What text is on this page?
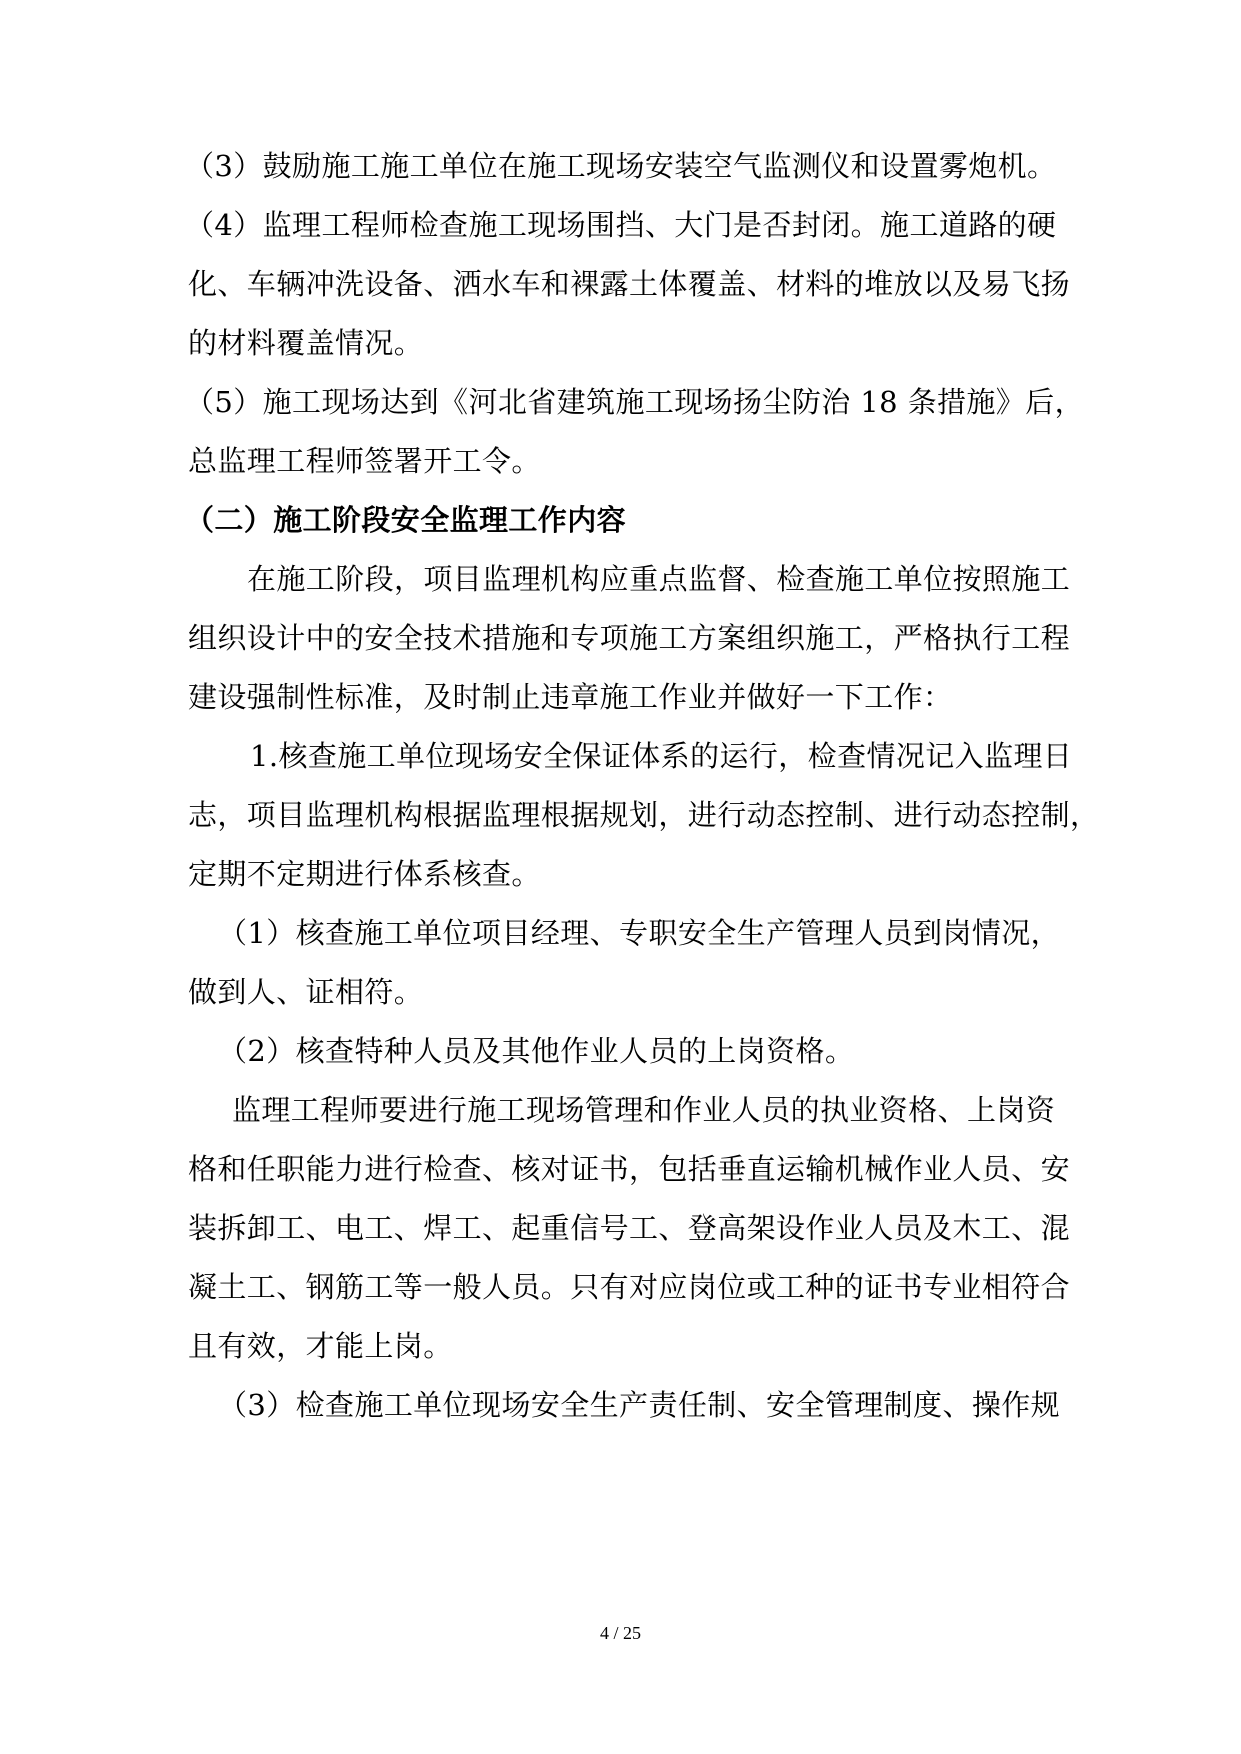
（3）鼓励施工施工单位在施工现场安装空气监测仪和设置雾炮机。
（4）监理工程师检查施工现场围挡、大门是否封闭。施工道路的硬
化、车辆冲洗设备、洒水车和裸露土体覆盖、材料的堆放以及易飞扬
的材料覆盖情况。
（5）施工现场达到《河北省建筑施工现场扬尘防治 18 条措施》后，
总监理工程师签署开工令。
（二）施工阶段安全监理工作内容
在施工阶段，项目监理机构应重点监督、检查施工单位按照施工
组织设计中的安全技术措施和专项施工方案组织施工，严格执行工程
建设强制性标准，及时制止违章施工作业并做好一下工作：
1.核查施工单位现场安全保证体系的运行，检查情况记入监理日
志，项目监理机构根据监理根据规划，进行动态控制、进行动态控制，
定期不定期进行体系核查。
（1）核查施工单位项目经理、专职安全生产管理人员到岗情况，
做到人、证相符。
（2）核查特种人员及其他作业人员的上岗资格。
监理工程师要进行施工现场管理和作业人员的执业资格、上岗资
格和任职能力进行检查、核对证书，包括垂直运输机械作业人员、安
装拆卸工、电工、焊工、起重信号工、登高架设作业人员及木工、混
凝土工、钢筋工等一般人员。只有对应岗位或工种的证书专业相符合
且有效，才能上岗。
（3）检查施工单位现场安全生产责任制、安全管理制度、操作规
4 / 25
